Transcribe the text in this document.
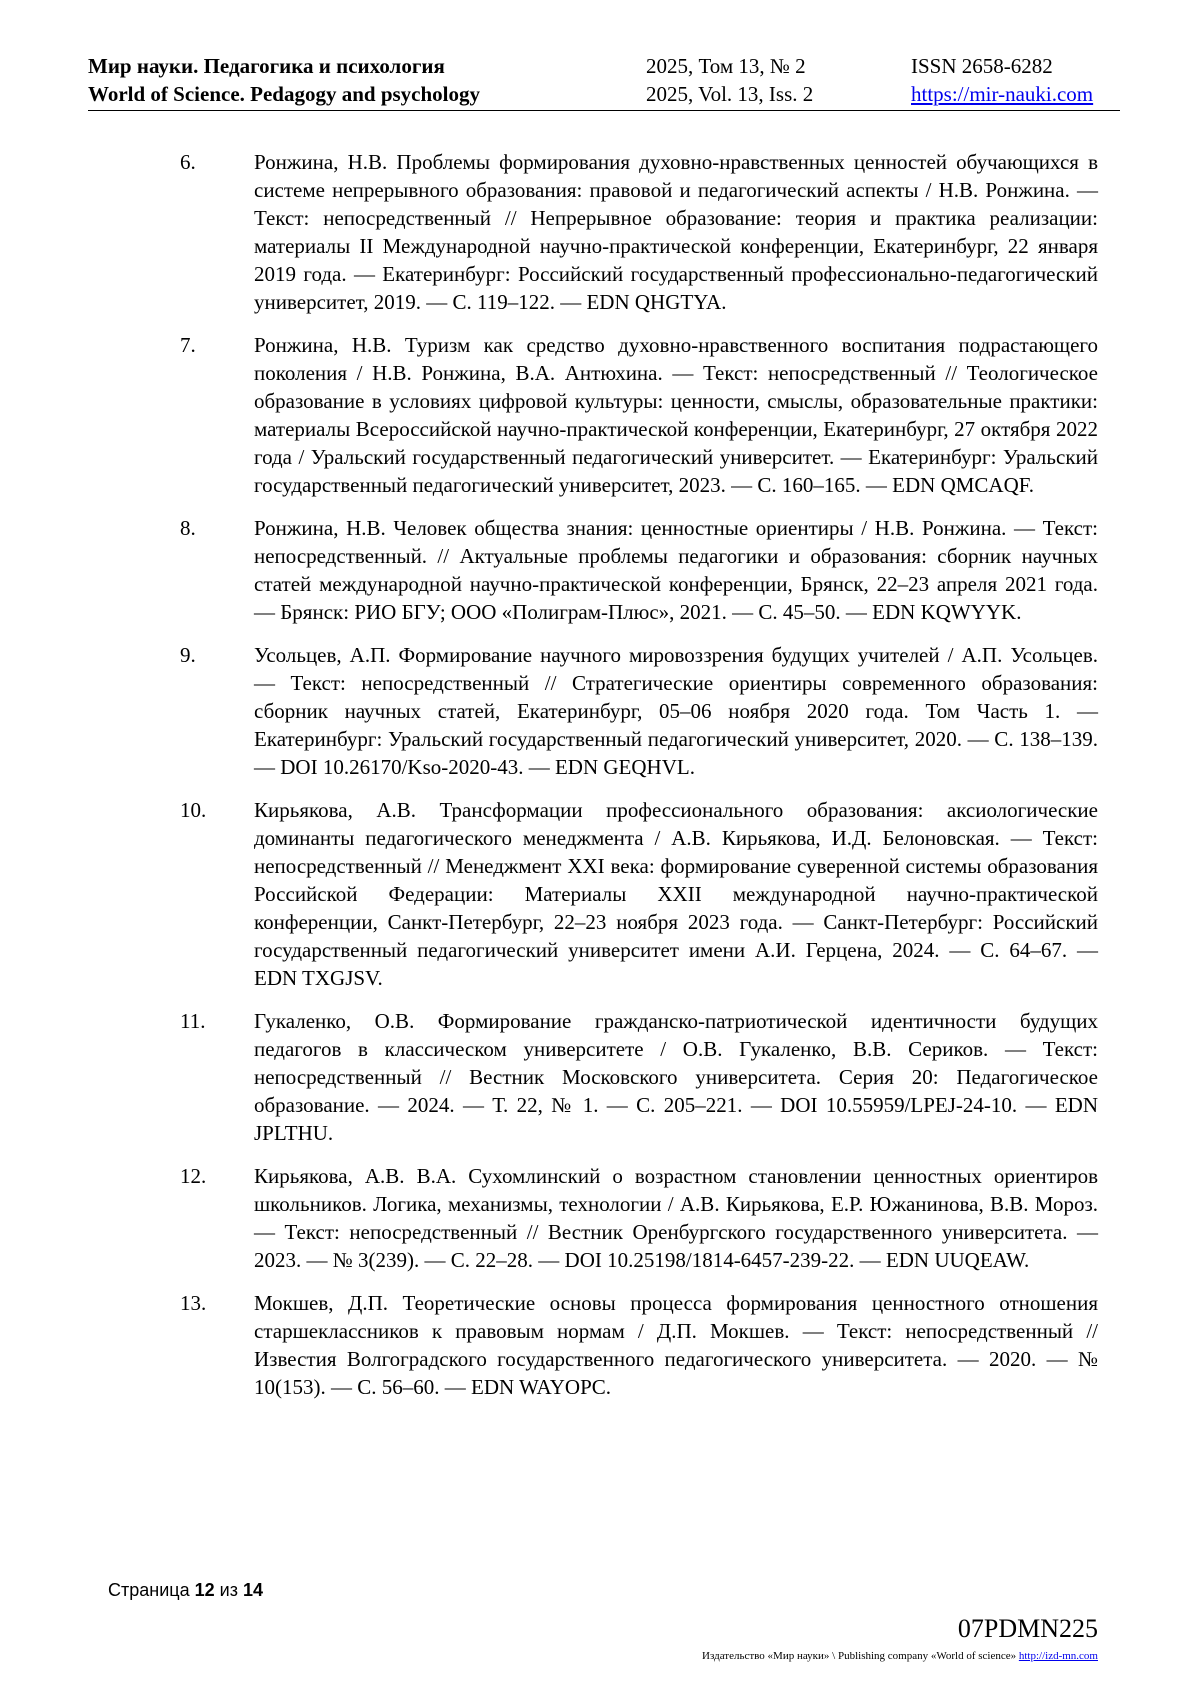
Мир науки. Педагогика и психология
World of Science. Pedagogy and psychology
2025, Том 13, № 2
2025, Vol. 13, Iss. 2
ISSN 2658-6282
https://mir-nauki.com
6.	Ронжина, Н.В. Проблемы формирования духовно-нравственных ценностей обучающихся в системе непрерывного образования: правовой и педагогический аспекты / Н.В. Ронжина. — Текст: непосредственный // Непрерывное образование: теория и практика реализации: материалы II Международной научно-практической конференции, Екатеринбург, 22 января 2019 года. — Екатеринбург: Российский государственный профессионально-педагогический университет, 2019. — С. 119–122. — EDN QHGTYA.
7.	Ронжина, Н.В. Туризм как средство духовно-нравственного воспитания подрастающего поколения / Н.В. Ронжина, В.А. Антюхина. — Текст: непосредственный // Теологическое образование в условиях цифровой культуры: ценности, смыслы, образовательные практики: материалы Всероссийской научно-практической конференции, Екатеринбург, 27 октября 2022 года / Уральский государственный педагогический университет. — Екатеринбург: Уральский государственный педагогический университет, 2023. — С. 160–165. — EDN QMCAQF.
8.	Ронжина, Н.В. Человек общества знания: ценностные ориентиры / Н.В. Ронжина. — Текст: непосредственный. // Актуальные проблемы педагогики и образования: сборник научных статей международной научно-практической конференции, Брянск, 22–23 апреля 2021 года. — Брянск: РИО БГУ; ООО «Полиграм-Плюс», 2021. — С. 45–50. — EDN KQWYYK.
9.	Усольцев, А.П. Формирование научного мировоззрения будущих учителей / А.П. Усольцев. — Текст: непосредственный // Стратегические ориентиры современного образования: сборник научных статей, Екатеринбург, 05–06 ноября 2020 года. Том Часть 1. — Екатеринбург: Уральский государственный педагогический университет, 2020. — С. 138–139. — DOI 10.26170/Kso-2020-43. — EDN GEQHVL.
10. Кирьякова, А.В. Трансформации профессионального образования: аксиологические доминанты педагогического менеджмента / А.В. Кирьякова, И.Д. Белоновская. — Текст: непосредственный // Менеджмент XXI века: формирование суверенной системы образования Российской Федерации: Материалы XXII международной научно-практической конференции, Санкт-Петербург, 22–23 ноября 2023 года. — Санкт-Петербург: Российский государственный педагогический университет имени А.И. Герцена, 2024. — С. 64–67. — EDN TXGJSV.
11. Гукаленко, О.В. Формирование гражданско-патриотической идентичности будущих педагогов в классическом университете / О.В. Гукаленко, В.В. Сериков. — Текст: непосредственный // Вестник Московского университета. Серия 20: Педагогическое образование. — 2024. — Т. 22, № 1. — С. 205–221. — DOI 10.55959/LPEJ-24-10. — EDN JPLTHU.
12. Кирьякова, А.В. В.А. Сухомлинский о возрастном становлении ценностных ориентиров школьников. Логика, механизмы, технологии / А.В. Кирьякова, Е.Р. Южанинова, В.В. Мороз. — Текст: непосредственный // Вестник Оренбургского государственного университета. — 2023. — № 3(239). — С. 22–28. — DOI 10.25198/1814-6457-239-22. — EDN UUQEAW.
13. Мокшев, Д.П. Теоретические основы процесса формирования ценностного отношения старшеклассников к правовым нормам / Д.П. Мокшев. — Текст: непосредственный // Известия Волгоградского государственного педагогического университета. — 2020. — № 10(153). — С. 56–60. — EDN WAYOPC.
Страница 12 из 14
07PDMN225
Издательство «Мир науки» \ Publishing company «World of science» http://izd-mn.com
